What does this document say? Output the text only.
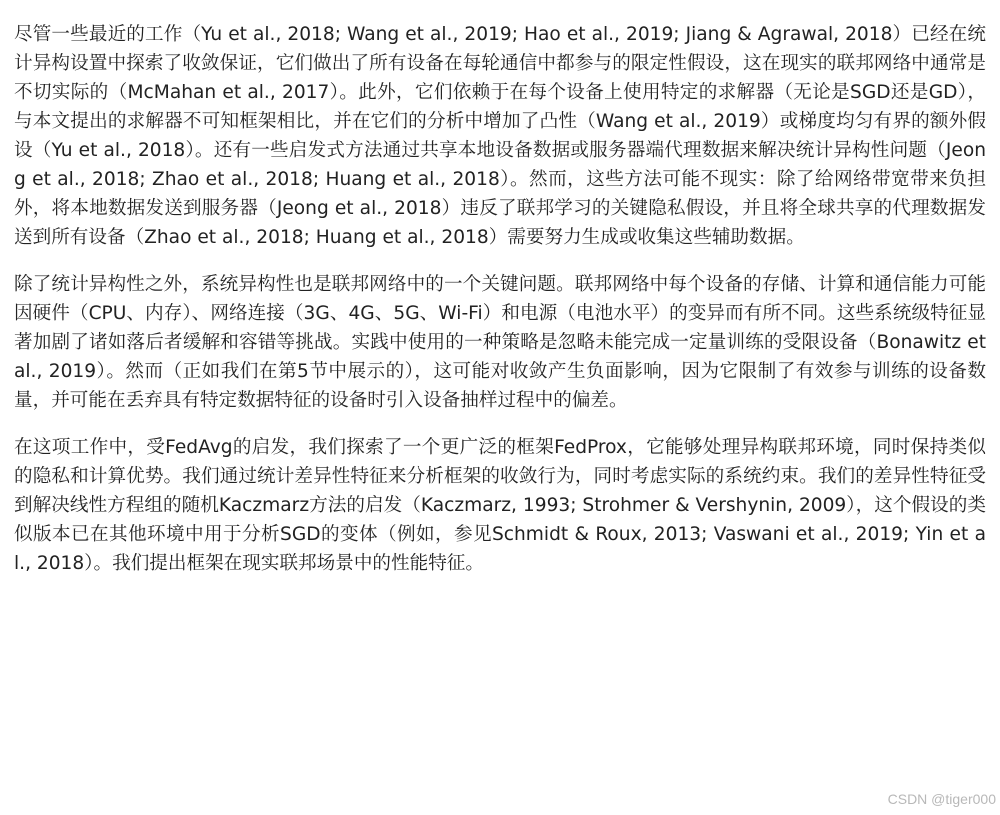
尽管一些最近的工作（Yu et al., 2018; Wang et al., 2019; Hao et al., 2019; Jiang & Agrawal, 2018）已经在统计异构设置中探索了收敛保证，它们做出了所有设备在每轮通信中都参与的限定性假设，这在现实的联邦网络中通常是不切实际的（McMahan et al., 2017）。此外，它们依赖于在每个设备上使用特定的求解器（无论是SGD还是GD），与本文提出的求解器不可知框架相比，并在它们的分析中增加了凸性（Wang et al., 2019）或梯度均匀有界的额外假设（Yu et al., 2018）。还有一些启发式方法通过共享本地设备数据或服务器端代理数据来解决统计异构性问题（Jeong et al., 2018; Zhao et al., 2018; Huang et al., 2018）。然而，这些方法可能不现实：除了给网络带宽带来负担外，将本地数据发送到服务器（Jeong et al., 2018）违反了联邦学习的关键隐私假设，并且将全球共享的代理数据发送到所有设备（Zhao et al., 2018; Huang et al., 2018）需要努力生成或收集这些辅助数据。

除了统计异构性之外，系统异构性也是联邦网络中的一个关键问题。联邦网络中每个设备的存储、计算和通信能力可能因硬件（CPU、内存）、网络连接（3G、4G、5G、Wi-Fi）和电源（电池水平）的变异而有所不同。这些系统级特征显著加剧了诸如落后者缓解和容错等挑战。实践中使用的一种策略是忽略未能完成一定量训练的受限设备（Bonawitz et al., 2019）。然而（正如我们在第5节中展示的），这可能对收敛产生负面影响，因为它限制了有效参与训练的设备数量，并可能在丢弃具有特定数据特征的设备时引入设备抽样过程中的偏差。

在这项工作中，受FedAvg的启发，我们探索了一个更广泛的框架FedProx，它能够处理异构联邦环境，同时保持类似的隐私和计算优势。我们通过统计差异性特征来分析框架的收敛行为，同时考虑实际的系统约束。我们的差异性特征受到解决线性方程组的随机Kaczmarz方法的启发（Kaczmarz, 1993; Strohmer & Vershynin, 2009），这个假设的类似版本已在其他环境中用于分析SGD的变体（例如，参见Schmidt & Roux, 2013; Vaswani et al., 2019; Yin et al., 2018）。我们提出框架在现实联邦场景中的性能特征。

CSDN @tiger000
